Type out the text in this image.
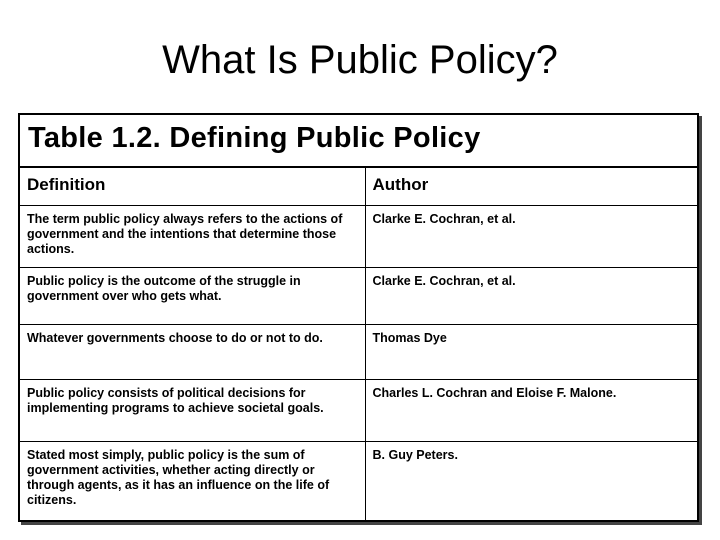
What Is Public Policy?
Table 1.2. Defining Public Policy
Definition	Author
The term public policy always refers to the actions of government and the intentions that determine those actions.	Clarke E. Cochran, et al.
Public policy is the outcome of the struggle in government over who gets what.	Clarke E. Cochran, et al.
Whatever governments choose to do or not to do.	Thomas Dye
Public policy consists of political decisions for implementing programs to achieve societal goals.	Charles L. Cochran and Eloise F. Malone.
Stated most simply, public policy is the sum of government activities, whether acting directly or through agents, as it has an influence on the life of citizens.	B. Guy Peters.
